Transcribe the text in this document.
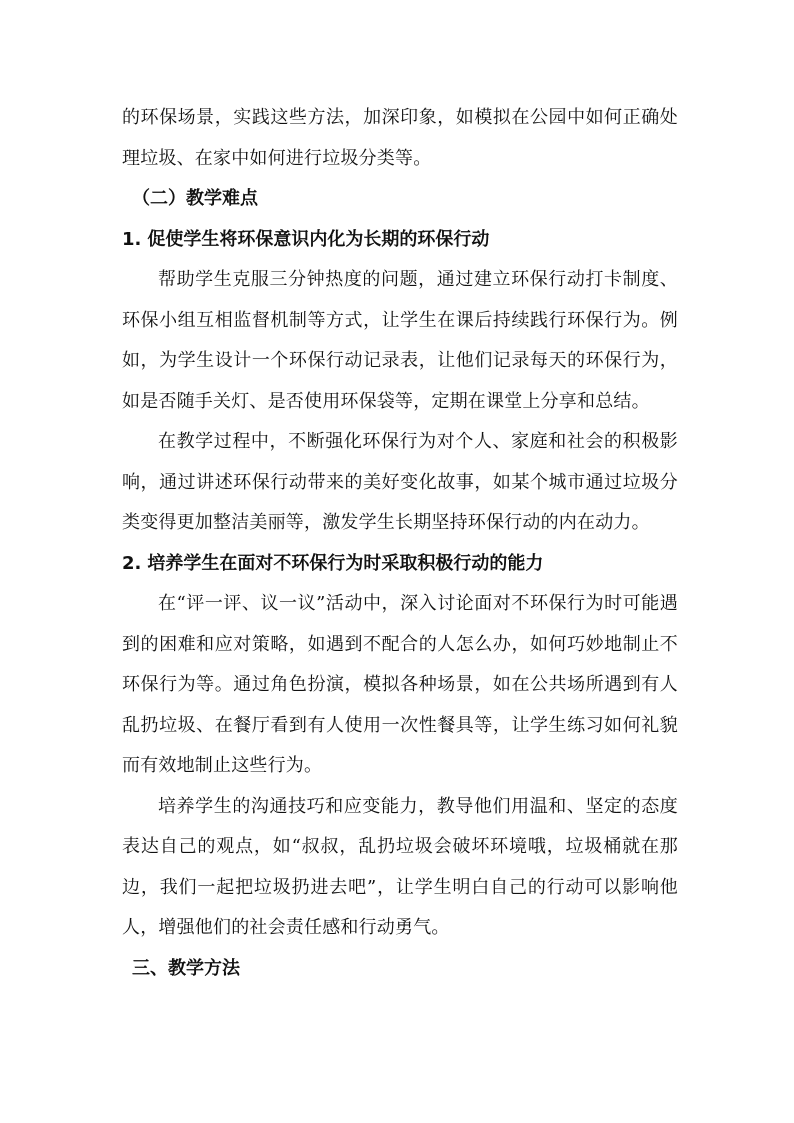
的环保场景，实践这些方法，加深印象，如模拟在公园中如何正确处理垃圾、在家中如何进行垃圾分类等。

（二）教学难点
1. 促使学生将环保意识内化为长期的环保行动

帮助学生克服三分钟热度的问题，通过建立环保行动打卡制度、环保小组互相监督机制等方式，让学生在课后持续践行环保行为。例如，为学生设计一个环保行动记录表，让他们记录每天的环保行为，如是否随手关灯、是否使用环保袋等，定期在课堂上分享和总结。

在教学过程中，不断强化环保行为对个人、家庭和社会的积极影响，通过讲述环保行动带来的美好变化故事，如某个城市通过垃圾分类变得更加整洁美丽等，激发学生长期坚持环保行动的内在动力。

2. 培养学生在面对不环保行为时采取积极行动的能力

在“评一评、议一议”活动中，深入讨论面对不环保行为时可能遇到的困难和应对策略，如遇到不配合的人怎么办，如何巧妙地制止不环保行为等。通过角色扮演，模拟各种场景，如在公共场所遇到有人乱扔垃圾、在餐厅看到有人使用一次性餐具等，让学生练习如何礼貌而有效地制止这些行为。

培养学生的沟通技巧和应变能力，教导他们用温和、坚定的态度表达自己的观点，如“叔叔，乱扔垃圾会破坏环境哦，垃圾桶就在那边，我们一起把垃圾扔进去吧”，让学生明白自己的行动可以影响他人，增强他们的社会责任感和行动勇气。

三、教学方法
